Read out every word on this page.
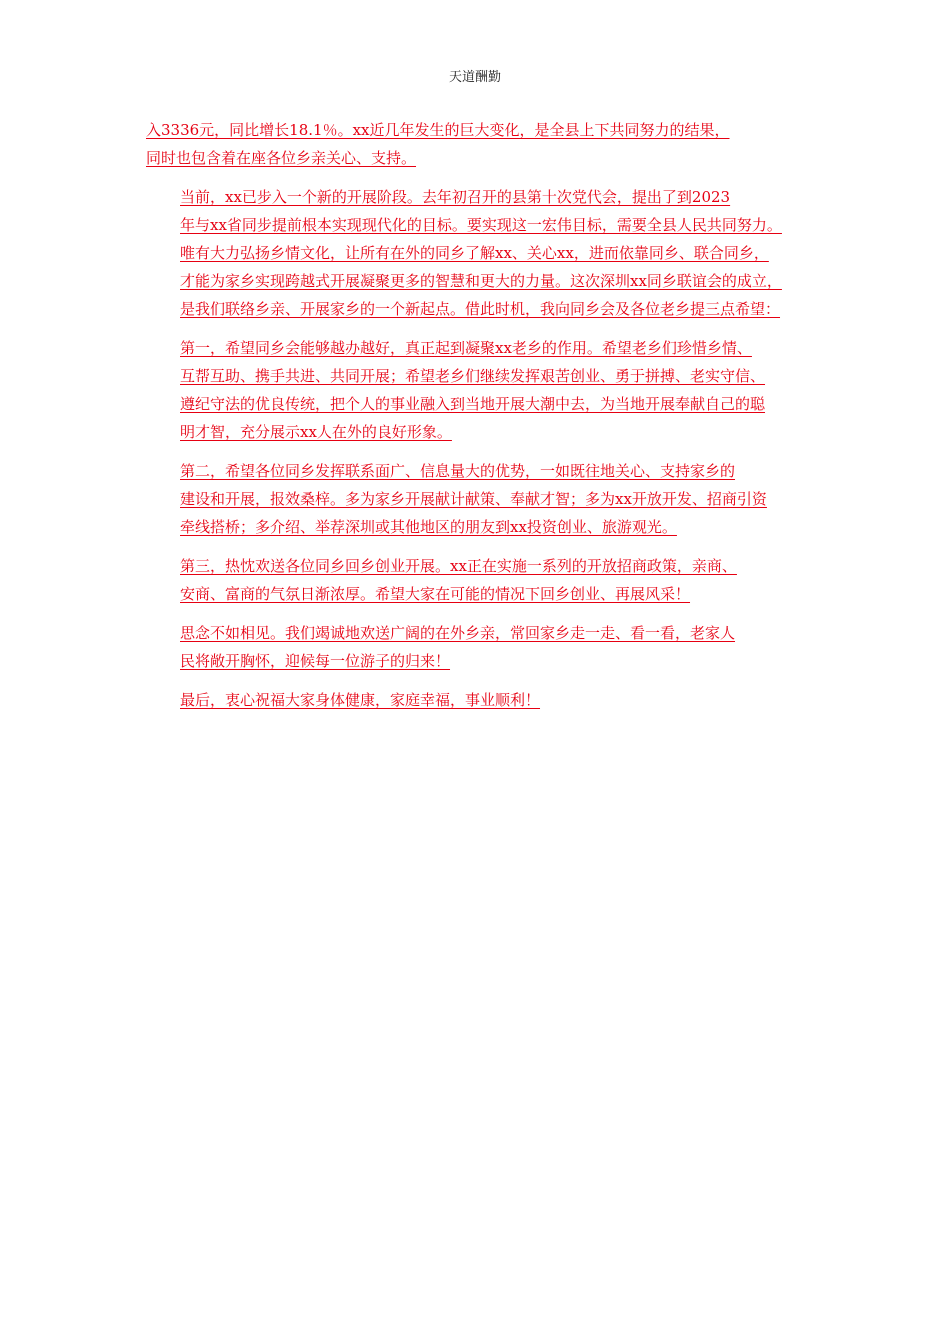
天道酬勤
入3336元，同比增长18.1％。xx近几年发生的巨大变化，是全县上下共同努力的结果，
同时也包含着在座各位乡亲关心、支持。
当前，xx已步入一个新的开展阶段。去年初召开的县第十次党代会，提出了到2023
年与xx省同步提前根本实现现代化的目标。要实现这一宏伟目标，需要全县人民共同努力。
唯有大力弘扬乡情文化，让所有在外的同乡了解xx、关心xx，进而依靠同乡、联合同乡，
才能为家乡实现跨越式开展凝聚更多的智慧和更大的力量。这次深圳xx同乡联谊会的成立，
是我们联络乡亲、开展家乡的一个新起点。借此时机，我向同乡会及各位老乡提三点希望：
第一，希望同乡会能够越办越好，真正起到凝聚xx老乡的作用。希望老乡们珍惜乡情、
互帮互助、携手共进、共同开展；希望老乡们继续发挥艰苦创业、勇于拼搏、老实守信、
遵纪守法的优良传统，把个人的事业融入到当地开展大潮中去，为当地开展奉献自己的聪
明才智，充分展示xx人在外的良好形象。
第二，希望各位同乡发挥联系面广、信息量大的优势，一如既往地关心、支持家乡的
建设和开展，报效桑梓。多为家乡开展献计献策、奉献才智；多为xx开放开发、招商引资
牵线搭桥；多介绍、举荐深圳或其他地区的朋友到xx投资创业、旅游观光。
第三，热忱欢送各位同乡回乡创业开展。xx正在实施一系列的开放招商政策，亲商、
安商、富商的气氛日渐浓厚。希望大家在可能的情况下回乡创业、再展风采！
思念不如相见。我们竭诚地欢送广阔的在外乡亲，常回家乡走一走、看一看，老家人
民将敞开胸怀，迎候每一位游子的归来！
最后，衷心祝福大家身体健康，家庭幸福，事业顺利！
